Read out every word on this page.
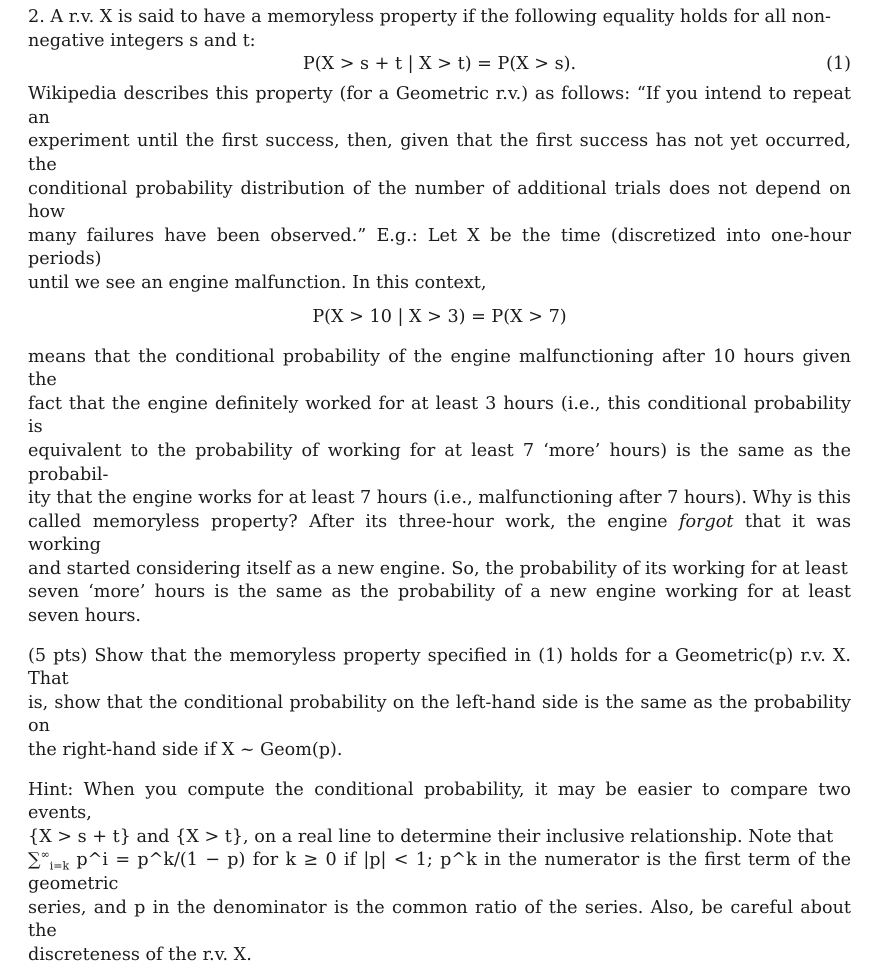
2. A r.v. X is said to have a memoryless property if the following equality holds for all non-
negative integers s and t:

P(X > s + t | X > t) = P(X > s).	(1)

Wikipedia describes this property (for a Geometric r.v.) as follows: “If you intend to repeat an
experiment until the first success, then, given that the first success has not yet occurred, the
conditional probability distribution of the number of additional trials does not depend on how
many failures have been observed.” E.g.: Let X be the time (discretized into one-hour periods)
until we see an engine malfunction. In this context,

P(X > 10 | X > 3) = P(X > 7)

means that the conditional probability of the engine malfunctioning after 10 hours given the
fact that the engine definitely worked for at least 3 hours (i.e., this conditional probability is
equivalent to the probability of working for at least 7 ‘more’ hours) is the same as the probabil-
ity that the engine works for at least 7 hours (i.e., malfunctioning after 7 hours). Why is this
called memoryless property? After its three-hour work, the engine forgot that it was working
and started considering itself as a new engine. So, the probability of its working for at least
seven ‘more’ hours is the same as the probability of a new engine working for at least seven hours.

(5 pts) Show that the memoryless property specified in (1) holds for a Geometric(p) r.v. X. That
is, show that the conditional probability on the left-hand side is the same as the probability on
the right-hand side if X ~ Geom(p).

Hint: When you compute the conditional probability, it may be easier to compare two events,
{X > s + t} and {X > t}, on a real line to determine their inclusive relationship. Note that
$\sum^\infty_{i=k}$ p^i = p^k/(1 − p) for k ≥ 0 if |p| < 1; p^k in the numerator is the first term of the geometric
series, and p in the denominator is the common ratio of the series. Also, be careful about the
discreteness of the r.v. X.
